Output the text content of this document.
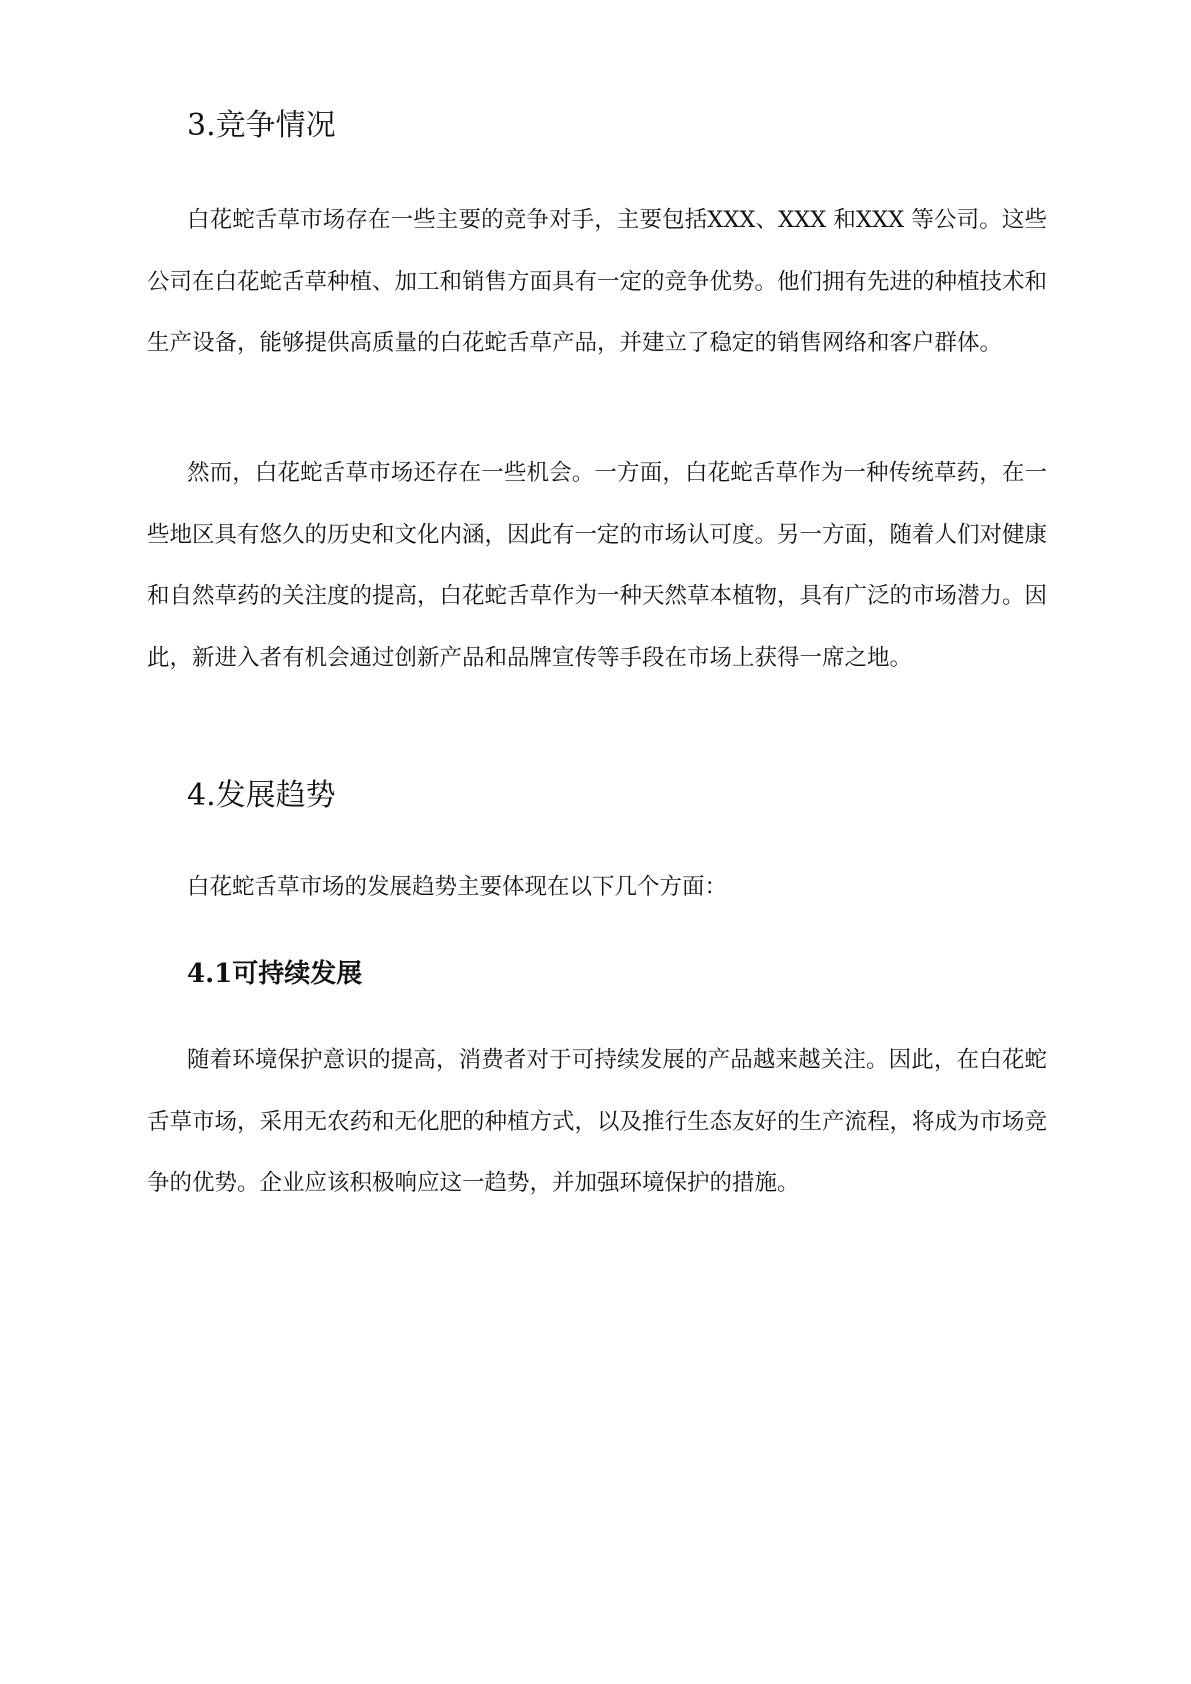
3.竞争情况

白花蛇舌草市场存在一些主要的竞争对手，主要包括XXX、XXX 和XXX 等公司。这些公司在白花蛇舌草种植、加工和销售方面具有一定的竞争优势。他们拥有先进的种植技术和生产设备，能够提供高质量的白花蛇舌草产品，并建立了稳定的销售网络和客户群体。

然而，白花蛇舌草市场还存在一些机会。一方面，白花蛇舌草作为一种传统草药，在一些地区具有悠久的历史和文化内涵，因此有一定的市场认可度。另一方面，随着人们对健康和自然草药的关注度的提高，白花蛇舌草作为一种天然草本植物，具有广泛的市场潜力。因此，新进入者有机会通过创新产品和品牌宣传等手段在市场上获得一席之地。

4.发展趋势

白花蛇舌草市场的发展趋势主要体现在以下几个方面：

4.1可持续发展

随着环境保护意识的提高，消费者对于可持续发展的产品越来越关注。因此，在白花蛇舌草市场，采用无农药和无化肥的种植方式，以及推行生态友好的生产流程，将成为市场竞争的优势。企业应该积极响应这一趋势，并加强环境保护的措施。
